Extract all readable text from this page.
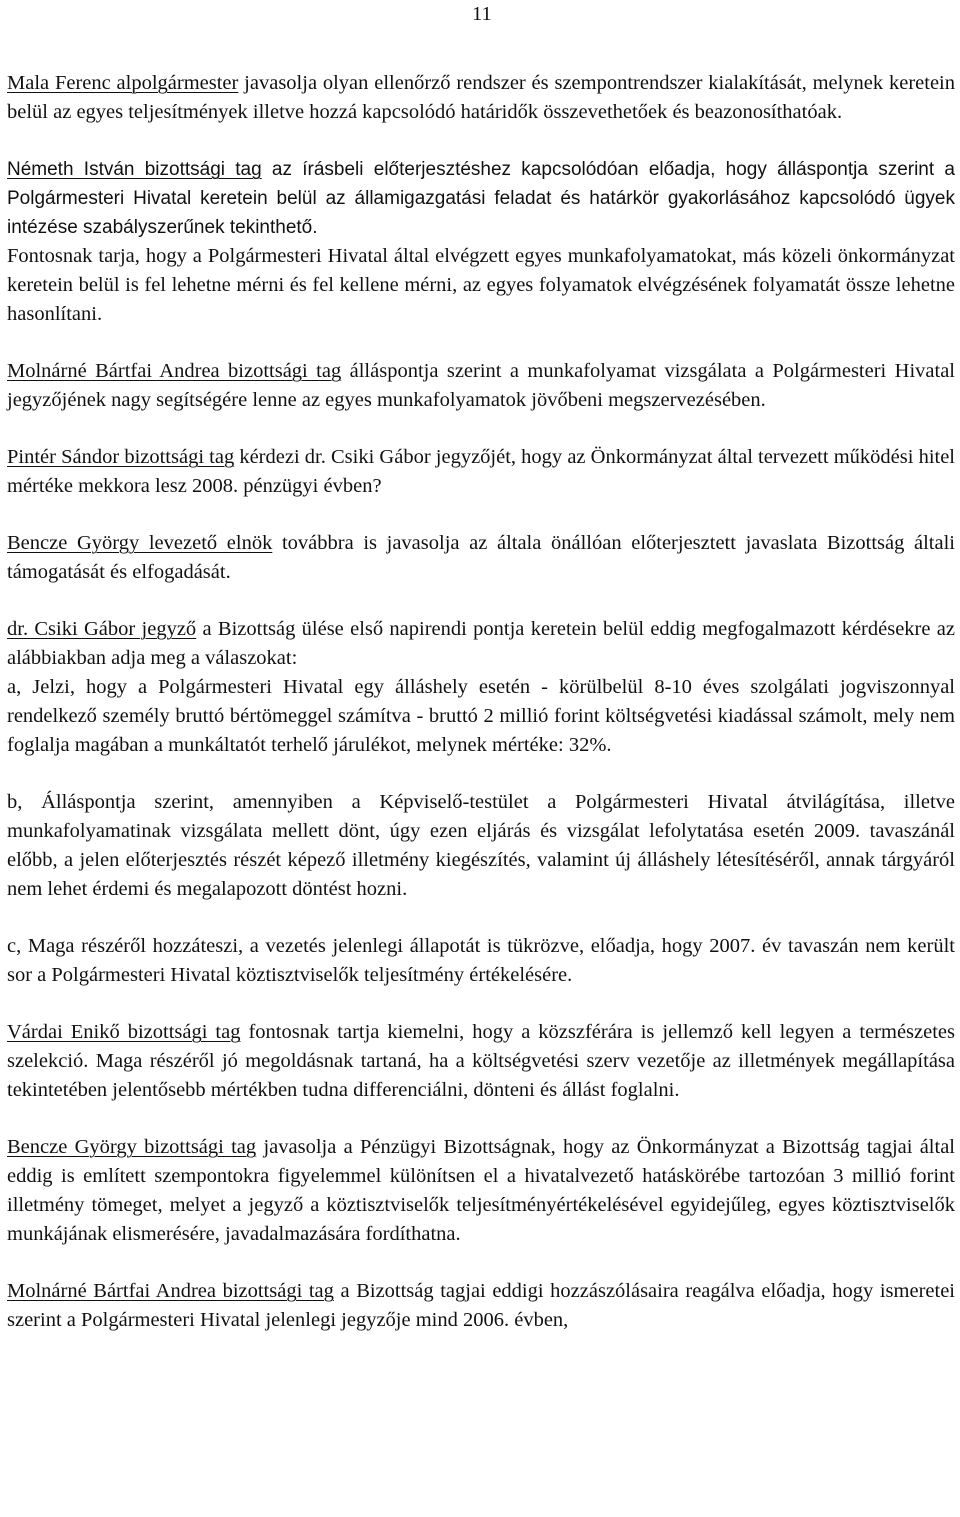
11

Mala Ferenc alpolgármester javasolja olyan ellenőrző rendszer és szempontrendszer kialakítását, melynek keretein belül az egyes teljesítmények illetve hozzá kapcsolódó határidők összevethetőek és beazonosíthatóak.

Németh István bizottsági tag az írásbeli előterjesztéshez kapcsolódóan előadja, hogy álláspontja szerint a Polgármesteri Hivatal keretein belül az államigazgatási feladat és határkör gyakorlásához kapcsolódó ügyek intézése szabályszerűnek tekinthető.

Fontosnak tarja, hogy a Polgármesteri Hivatal által elvégzett egyes munkafolyamatokat, más közeli önkormányzat keretein belül is fel lehetne mérni és fel kellene mérni, az egyes folyamatok elvégzésének folyamatát össze lehetne hasonlítani.

Molnárné Bártfai Andrea bizottsági tag álláspontja szerint a munkafolyamat vizsgálata a Polgármesteri Hivatal jegyzőjének nagy segítségére lenne az egyes munkafolyamatok jövőbeni megszervezésében.

Pintér Sándor bizottsági tag kérdezi dr. Csiki Gábor jegyzőjét, hogy az Önkormányzat által tervezett működési hitel mértéke mekkora lesz 2008. pénzügyi évben?

Bencze György levezető elnök továbbra is javasolja az általa önállóan előterjesztett javaslata Bizottság általi támogatását és elfogadását.

dr. Csiki Gábor jegyző a Bizottság ülése első napirendi pontja keretein belül eddig megfogalmazott kérdésekre az alábbiakban adja meg a válaszokat:

a, Jelzi, hogy a Polgármesteri Hivatal egy álláshely esetén - körülbelül 8-10 éves szolgálati jogviszonnyal rendelkező személy bruttó bértömeggel számítva - bruttó 2 millió forint költségvetési kiadással számolt, mely nem foglalja magában a munkáltatót terhelő járulékot, melynek mértéke: 32%.

b, Álláspontja szerint, amennyiben a Képviselő-testület a Polgármesteri Hivatal átvilágítása, illetve munkafolyamatinak vizsgálata mellett dönt, úgy ezen eljárás és vizsgálat lefolytatása esetén 2009. tavaszánál előbb, a jelen előterjesztés részét képező illetmény kiegészítés, valamint új álláshely létesítéséről, annak tárgyáról nem lehet érdemi és megalapozott döntést hozni.

c, Maga részéről hozzáteszi, a vezetés jelenlegi állapotát is tükrözve, előadja, hogy 2007. év tavaszán nem került sor a Polgármesteri Hivatal köztisztviselők teljesítmény értékelésére.

Várdai Enikő bizottsági tag fontosnak tartja kiemelni, hogy a közszférára is jellemző kell legyen a természetes szelekció. Maga részéről jó megoldásnak tartaná, ha a költségvetési szerv vezetője az illetmények megállapítása tekintetében jelentősebb mértékben tudna differenciálni, dönteni és állást foglalni.

Bencze György bizottsági tag javasolja a Pénzügyi Bizottságnak, hogy az Önkormányzat a Bizottság tagjai által eddig is említett szempontokra figyelemmel különítsen el a hivatalvezető hatáskörébe tartozóan 3 millió forint illetmény tömeget, melyet a jegyző a köztisztviselők teljesítményértékelésével egyidejűleg, egyes köztisztviselők munkájának elismerésére, javadalmazására fordíthatna.

Molnárné Bártfai Andrea bizottsági tag a Bizottság tagjai eddigi hozzászólásaira reagálva előadja, hogy ismeretei szerint a Polgármesteri Hivatal jelenlegi jegyzője mind 2006. évben,
